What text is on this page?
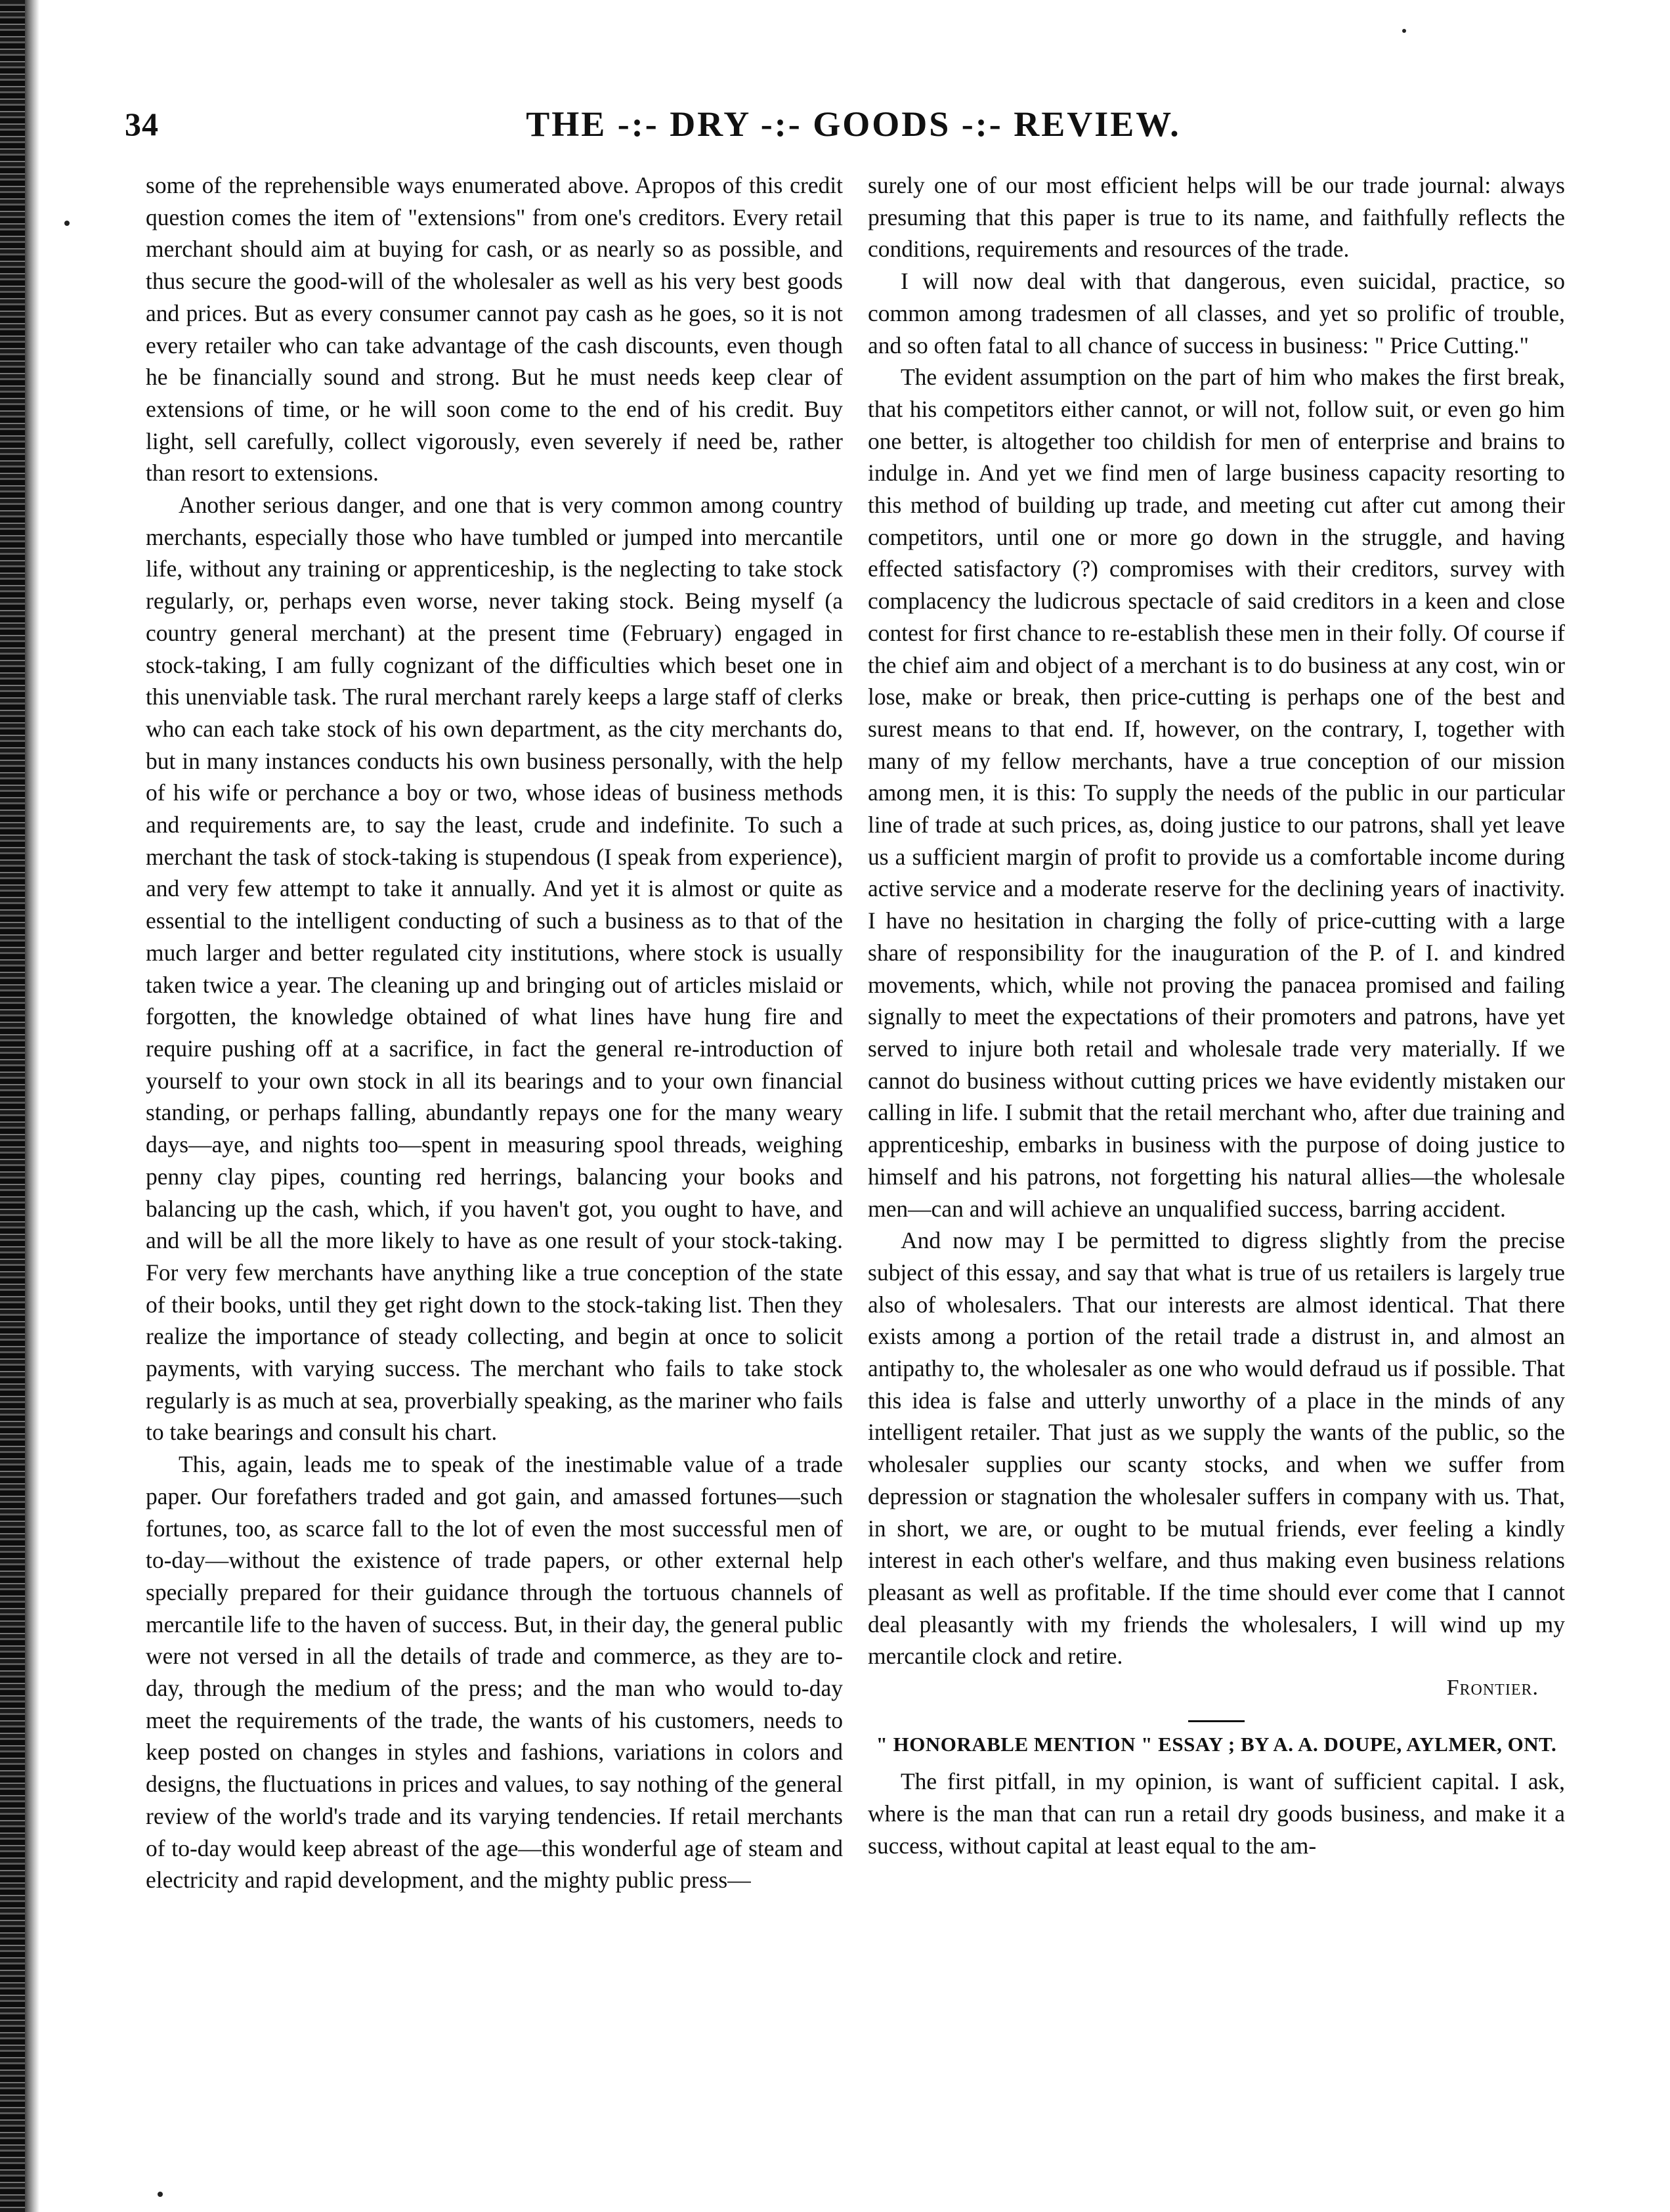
34	THE -:- DRY -:- GOODS -:- REVIEW.

some of the reprehensible ways enumerated above. Apropos of this credit question comes the item of "extensions" from one's creditors. Every retail merchant should aim at buying for cash, or as nearly so as possible, and thus secure the good-will of the wholesaler as well as his very best goods and prices. But as every consumer cannot pay cash as he goes, so it is not every retailer who can take advantage of the cash discounts, even though he be financially sound and strong. But he must needs keep clear of extensions of time, or he will soon come to the end of his credit. Buy light, sell carefully, collect vigorously, even severely if need be, rather than resort to extensions.

Another serious danger, and one that is very common among country merchants, especially those who have tumbled or jumped into mercantile life, without any training or apprenticeship, is the neglecting to take stock regularly, or, perhaps even worse, never taking stock. Being myself (a country general merchant) at the present time (February) engaged in stock-taking, I am fully cognizant of the difficulties which beset one in this unenviable task. The rural merchant rarely keeps a large staff of clerks who can each take stock of his own department, as the city merchants do, but in many instances conducts his own business personally, with the help of his wife or perchance a boy or two, whose ideas of business methods and requirements are, to say the least, crude and indefinite. To such a merchant the task of stock-taking is stupendous (I speak from experience), and very few attempt to take it annually. And yet it is almost or quite as essential to the intelligent conducting of such a business as to that of the much larger and better regulated city institutions, where stock is usually taken twice a year. The cleaning up and bringing out of articles mislaid or forgotten, the knowledge obtained of what lines have hung fire and require pushing off at a sacrifice, in fact the general re-introduction of yourself to your own stock in all its bearings and to your own financial standing, or perhaps falling, abundantly repays one for the many weary days—aye, and nights too—spent in measuring spool threads, weighing penny clay pipes, counting red herrings, balancing your books and balancing up the cash, which, if you haven't got, you ought to have, and and will be all the more likely to have as one result of your stock-taking. For very few merchants have anything like a true conception of the state of their books, until they get right down to the stock-taking list. Then they realize the importance of steady collecting, and begin at once to solicit payments, with varying success. The merchant who fails to take stock regularly is as much at sea, proverbially speaking, as the mariner who fails to take bearings and consult his chart.

This, again, leads me to speak of the inestimable value of a trade paper. Our forefathers traded and got gain, and amassed fortunes—such fortunes, too, as scarce fall to the lot of even the most successful men of to-day—without the existence of trade papers, or other external help specially prepared for their guidance through the tortuous channels of mercantile life to the haven of success. But, in their day, the general public were not versed in all the details of trade and commerce, as they are to-day, through the medium of the press; and the man who would to-day meet the requirements of the trade, the wants of his customers, needs to keep posted on changes in styles and fashions, variations in colors and designs, the fluctuations in prices and values, to say nothing of the general review of the world's trade and its varying tendencies. If retail merchants of to-day would keep abreast of the age—this wonderful age of steam and electricity and rapid development, and the mighty public press—

surely one of our most efficient helps will be our trade journal: always presuming that this paper is true to its name, and faithfully reflects the conditions, requirements and resources of the trade.

I will now deal with that dangerous, even suicidal, practice, so common among tradesmen of all classes, and yet so prolific of trouble, and so often fatal to all chance of success in business: " Price Cutting."

The evident assumption on the part of him who makes the first break, that his competitors either cannot, or will not, follow suit, or even go him one better, is altogether too childish for men of enterprise and brains to indulge in. And yet we find men of large business capacity resorting to this method of building up trade, and meeting cut after cut among their competitors, until one or more go down in the struggle, and having effected satisfactory (?) compromises with their creditors, survey with complacency the ludicrous spectacle of said creditors in a keen and close contest for first chance to re-establish these men in their folly. Of course if the chief aim and object of a merchant is to do business at any cost, win or lose, make or break, then price-cutting is perhaps one of the best and surest means to that end. If, however, on the contrary, I, together with many of my fellow merchants, have a true conception of our mission among men, it is this: To supply the needs of the public in our particular line of trade at such prices, as, doing justice to our patrons, shall yet leave us a sufficient margin of profit to provide us a comfortable income during active service and a moderate reserve for the declining years of inactivity. I have no hesitation in charging the folly of price-cutting with a large share of responsibility for the inauguration of the P. of I. and kindred movements, which, while not proving the panacea promised and failing signally to meet the expectations of their promoters and patrons, have yet served to injure both retail and wholesale trade very materially. If we cannot do business without cutting prices we have evidently mistaken our calling in life. I submit that the retail merchant who, after due training and apprenticeship, embarks in business with the purpose of doing justice to himself and his patrons, not forgetting his natural allies—the wholesale men—can and will achieve an unqualified success, barring accident.

And now may I be permitted to digress slightly from the precise subject of this essay, and say that what is true of us retailers is largely true also of wholesalers. That our interests are almost identical. That there exists among a portion of the retail trade a distrust in, and almost an antipathy to, the wholesaler as one who would defraud us if possible. That this idea is false and utterly unworthy of a place in the minds of any intelligent retailer. That just as we supply the wants of the public, so the wholesaler supplies our scanty stocks, and when we suffer from depression or stagnation the wholesaler suffers in company with us. That, in short, we are, or ought to be mutual friends, ever feeling a kindly interest in each other's welfare, and thus making even business relations pleasant as well as profitable. If the time should ever come that I cannot deal pleasantly with my friends the wholesalers, I will wind up my mercantile clock and retire.

Frontier.

" HONORABLE MENTION " ESSAY ; BY A. A. DOUPE, AYLMER, ONT.

The first pitfall, in my opinion, is want of sufficient capital. I ask, where is the man that can run a retail dry goods business, and make it a success, without capital at least equal to the am-
